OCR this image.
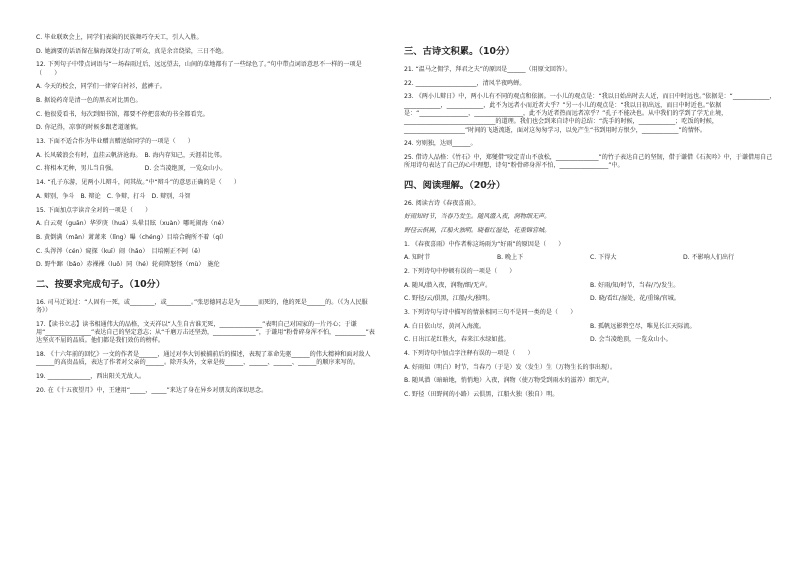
C. 毕业联欢会上，同学们表演的民族舞巧夺天工，引人入胜。

D. 她滴要的话语留在脑海深处打动了听众，真是余音绕梁，三日不绝。

12. 下列句子中带点词语与“一场春雨过后，远远望去，山间的草地都有了一些绿色了。”句中带点词语意思不一样的一项是（　　）

A. 今天的校会，同学们一律穿白衬衫，蓝裤子。

B. 据说药奇是清一色的黑衣对比黑色。

C. 他很爱看书，每次到图书馆，都要不停把喜欢的书全都看完。

D. 你记得，凉事的时候多跟老道谨慎。

13. 下面不适合作为毕业赠言赠送给同学的一项是（　　）

A. 长风破浪会有时，直挂云帆济沧海。　B. 海内存知己，天涯若比邻。

C. 将相本无种，男儿当自强。　　　　　D. 会当凌绝顶，一览众山小。

14. “孔子东游，见两小儿辩斗，问其故。”中“辩斗”的意思正确的是（　　）

A. 辩别，争斗　B. 辩论　C. 争辩，打斗　D. 辩别，斗智

15. 下面加点字读音全对的一项是（　　）

A. 白云观（guān）华罗庚（huá）头晕目眩（xuàn）哪吒闹海（né）

B. 黄倒满（mǎn）萧萧来（lǐng）曝（chéng）目培合碗所不着（qí）

C. 头涔涔（cén）窥探（kuī）闹（hǎo）　目培刚正不阿（ē）

D. 野牛蹿（bǎo）赤裸裸（luǒ）同（hé）轮荷降怒怪（mù）　施伦

二、按要求完成句子。（10分）

16. 司马迁说过：“人固有一死，或________，或________。”张思德同志是为______而死的，他的死是______的。（《为人民服务》）

17.【读书立志】读书相通伟大的品格，文天祥以“人生自古谁无死，______________”表明自己对国家的一片丹心；于谦用“_______________”表达自己的坚定意志；从“千磨万击还坚劲，______________”，于谦用“粉骨碎身浑不怕，__________”表达坚贞不屈的品质。他们都是我们效仿的榜样。

18. 《十六年前的回忆》一文的作者是______，通过对李大钊被捕前后的描述，表现了革命先驱______的伟大精神和面对敌人______的高贵品质，表达了作者对父亲的______。除开头外，文章是按______、______、______、______的顺序来写的。

19. ______________，西出阳关无故人。

20. 在《十五夜望月》中，王建用“_____，_____”来达了身在异乡对朋友的深切思念。

三、古诗文积累。（10分）

21. “温马之佣学，拜君之夫”的原因是______（用原文回答）。

22. ____________________，清风半夜鸣蝉。

23. 《两小儿辩日》中，两小儿有不同的观点和依据。一小儿的观点是：“我以日始出时去人近，而日中时远也。”依据是：“____________，____________，____________，此不为远者小而近者大乎？”另一小儿的观点是：“我以日初出远，而日中时近也。”依据是：“________________，________________，此不为近者热而远者凉乎？”孔子不能决也。从中我们的学到了学无止境，______________________________的道理。我们也会到来自诗中的总结：“洗手的时候，____________；吃饭的时候，____________________”时间的飞逝流逝，面对这匆匆学习，以免产生“书到用时方恨少，____________”的情怀。

24. 穷则独，达则______。

25. 借诗人品格：《竹石》中，郑燮借“咬定青山不放松，______________”的竹子表达自己的坚韧，借于谦借《石灰吟》中，于谦借用自己所用诗句表达了自己的心中理想，诗句“粉骨碎身浑不怕，________________”中。

四、阅读理解。（20分）

26. 阅读古诗《春夜喜雨》。

好雨知时节，当春乃发生。随风潜入夜，润物细无声。

野径云俱黑，江船火独明。晓看红湿处，花重锦官城。

1. 《春夜喜雨》中作者称这场雨为“好雨”的原因是（　　）

A. 知时节	B. 晚上下	C. 下得大	D. 不影响人们出行

2. 下列诗句中停顿有误的一项是（　　）

A. 随风/潜入夜，润物/细/无声。	B. 好雨/知/时节，当春/乃/发生。
C. 野径/云/俱黑，江船/火/独明。	D. 晓/看红/湿处，花/重锦/官城。

3. 下列诗句与诗中描写的情景相同三句不是同一类的是（　　）

A. 白日依山尽，黄河入海流。	B. 孤帆远影碧空尽，唯见长江天际流。
C. 日出江花红胜火，春来江水绿如蓝。	D. 会当凌绝顶，一览众山小。

4. 下列诗句中加点字注释有误的一项是（　　）

A. 好雨知（明白）时节，当春乃（于是）发（发生）生（万物生长的事出现）。

B. 随风潜（暗暗地，悄悄地）入夜，润物（使万物受到雨水的滋养）细无声。

C. 野径（田野间的小路）云俱黑，江船火独（独自）明。
